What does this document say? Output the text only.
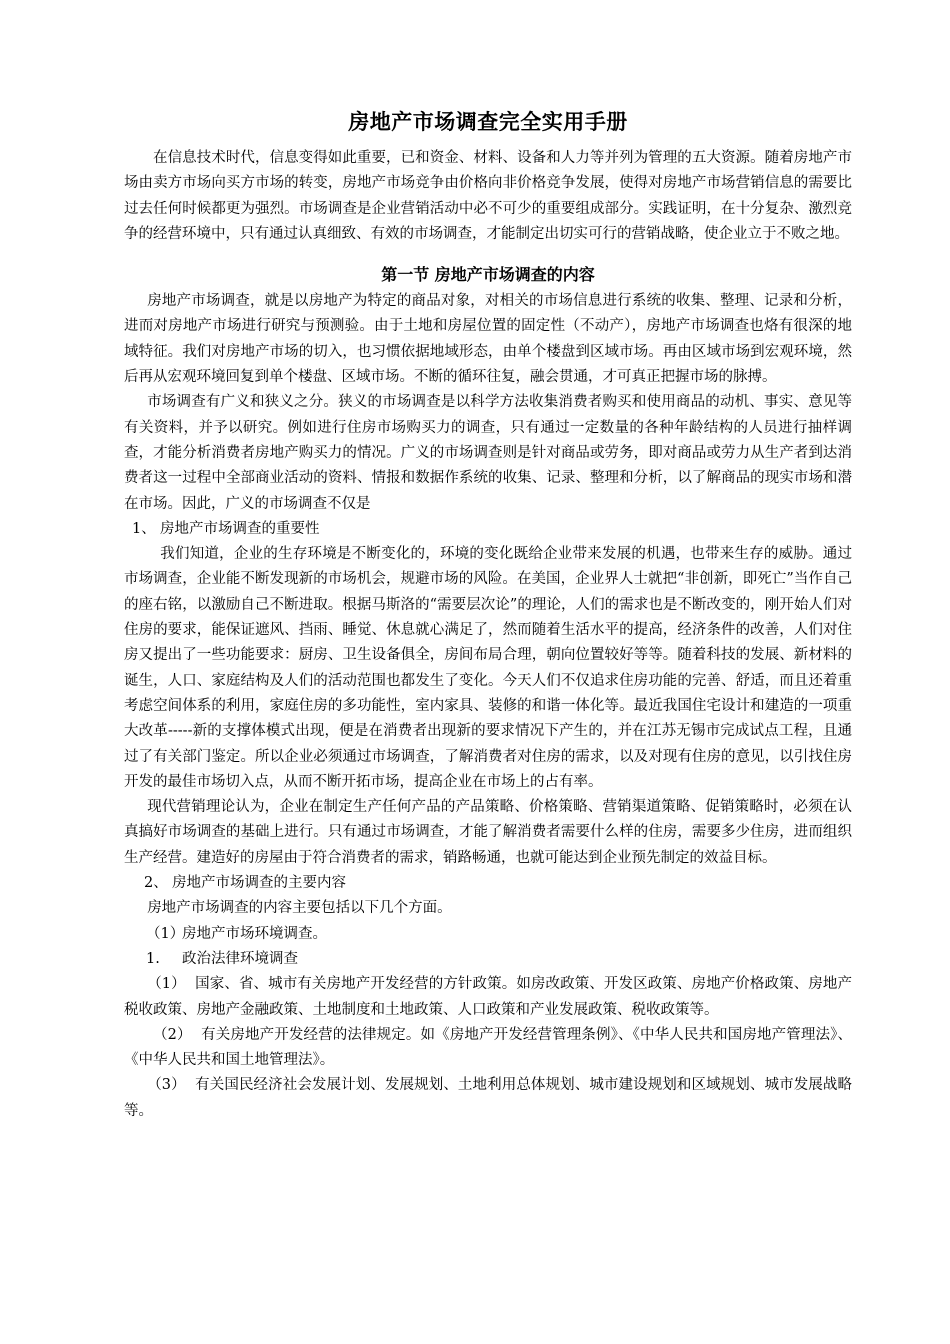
房地产市场调查完全实用手册

在信息技术时代，信息变得如此重要，已和资金、材料、设备和人力等并列为管理的五大资源。随着房地产市场由卖方市场向买方市场的转变，房地产市场竞争由价格向非价格竞争发展，使得对房地产市场营销信息的需要比过去任何时候都更为强烈。市场调查是企业营销活动中必不可少的重要组成部分。实践证明，在十分复杂、激烈竞争的经营环境中，只有通过认真细致、有效的市场调查，才能制定出切实可行的营销战略，使企业立于不败之地。

第一节 房地产市场调查的内容

房地产市场调查，就是以房地产为特定的商品对象，对相关的市场信息进行系统的收集、整理、记录和分析，进而对房地产市场进行研究与预测验。由于土地和房屋位置的固定性（不动产），房地产市场调查也烙有很深的地域特征。我们对房地产市场的切入，也习惯依据地域形态，由单个楼盘到区域市场。再由区域市场到宏观环境，然后再从宏观环境回复到单个楼盘、区域市场。不断的循环往复，融会贯通，才可真正把握市场的脉搏。

市场调查有广义和狭义之分。狭义的市场调查是以科学方法收集消费者购买和使用商品的动机、事实、意见等有关资料，并予以研究。例如进行住房市场购买力的调查，只有通过一定数量的各种年龄结构的人员进行抽样调查，才能分析消费者房地产购买力的情况。广义的市场调查则是针对商品或劳务，即对商品或劳力从生产者到达消费者这一过程中全部商业活动的资料、情报和数据作系统的收集、记录、整理和分析，以了解商品的现实市场和潜在市场。因此，广义的市场调查不仅是

1、 房地产市场调查的重要性

我们知道，企业的生存环境是不断变化的，环境的变化既给企业带来发展的机遇，也带来生存的威胁。通过市场调查，企业能不断发现新的市场机会，规避市场的风险。在美国，企业界人士就把“非创新，即死亡”当作自己的座右铭，以激励自己不断进取。根据马斯洛的“需要层次论”的理论，人们的需求也是不断改变的，刚开始人们对住房的要求，能保证遮风、挡雨、睡觉、休息就心满足了，然而随着生活水平的提高，经济条件的改善，人们对住房又提出了一些功能要求：厨房、卫生设备俱全，房间布局合理，朝向位置较好等等。随着科技的发展、新材料的诞生，人口、家庭结构及人们的活动范围也都发生了变化。今天人们不仅追求住房功能的完善、舒适，而且还着重考虑空间体系的利用，家庭住房的多功能性，室内家具、装修的和谐一体化等。最近我国住宅设计和建造的一项重大改革-----新的支撑体模式出现，便是在消费者出现新的要求情况下产生的，并在江苏无锡市完成试点工程，且通过了有关部门鉴定。所以企业必须通过市场调查，了解消费者对住房的需求，以及对现有住房的意见，以引找住房开发的最佳市场切入点，从而不断开拓市场，提高企业在市场上的占有率。

现代营销理论认为，企业在制定生产任何产品的产品策略、价格策略、营销渠道策略、促销策略时，必须在认真搞好市场调查的基础上进行。只有通过市场调查，才能了解消费者需要什么样的住房，需要多少住房，进而组织生产经营。建造好的房屋由于符合消费者的需求，销路畅通，也就可能达到企业预先制定的效益目标。

2、 房地产市场调查的主要内容

房地产市场调查的内容主要包括以下几个方面。

（1）房地产市场环境调查。

1. 政治法律环境调查

（1） 国家、省、城市有关房地产开发经营的方针政策。如房改政策、开发区政策、房地产价格政策、房地产税收政策、房地产金融政策、土地制度和土地政策、人口政策和产业发展政策、税收政策等。

（2） 有关房地产开发经营的法律规定。如《房地产开发经营管理条例》、《中华人民共和国房地产管理法》、《中华人民共和国土地管理法》。

（3） 有关国民经济社会发展计划、发展规划、土地利用总体规划、城市建设规划和区域规划、城市发展战略等。
